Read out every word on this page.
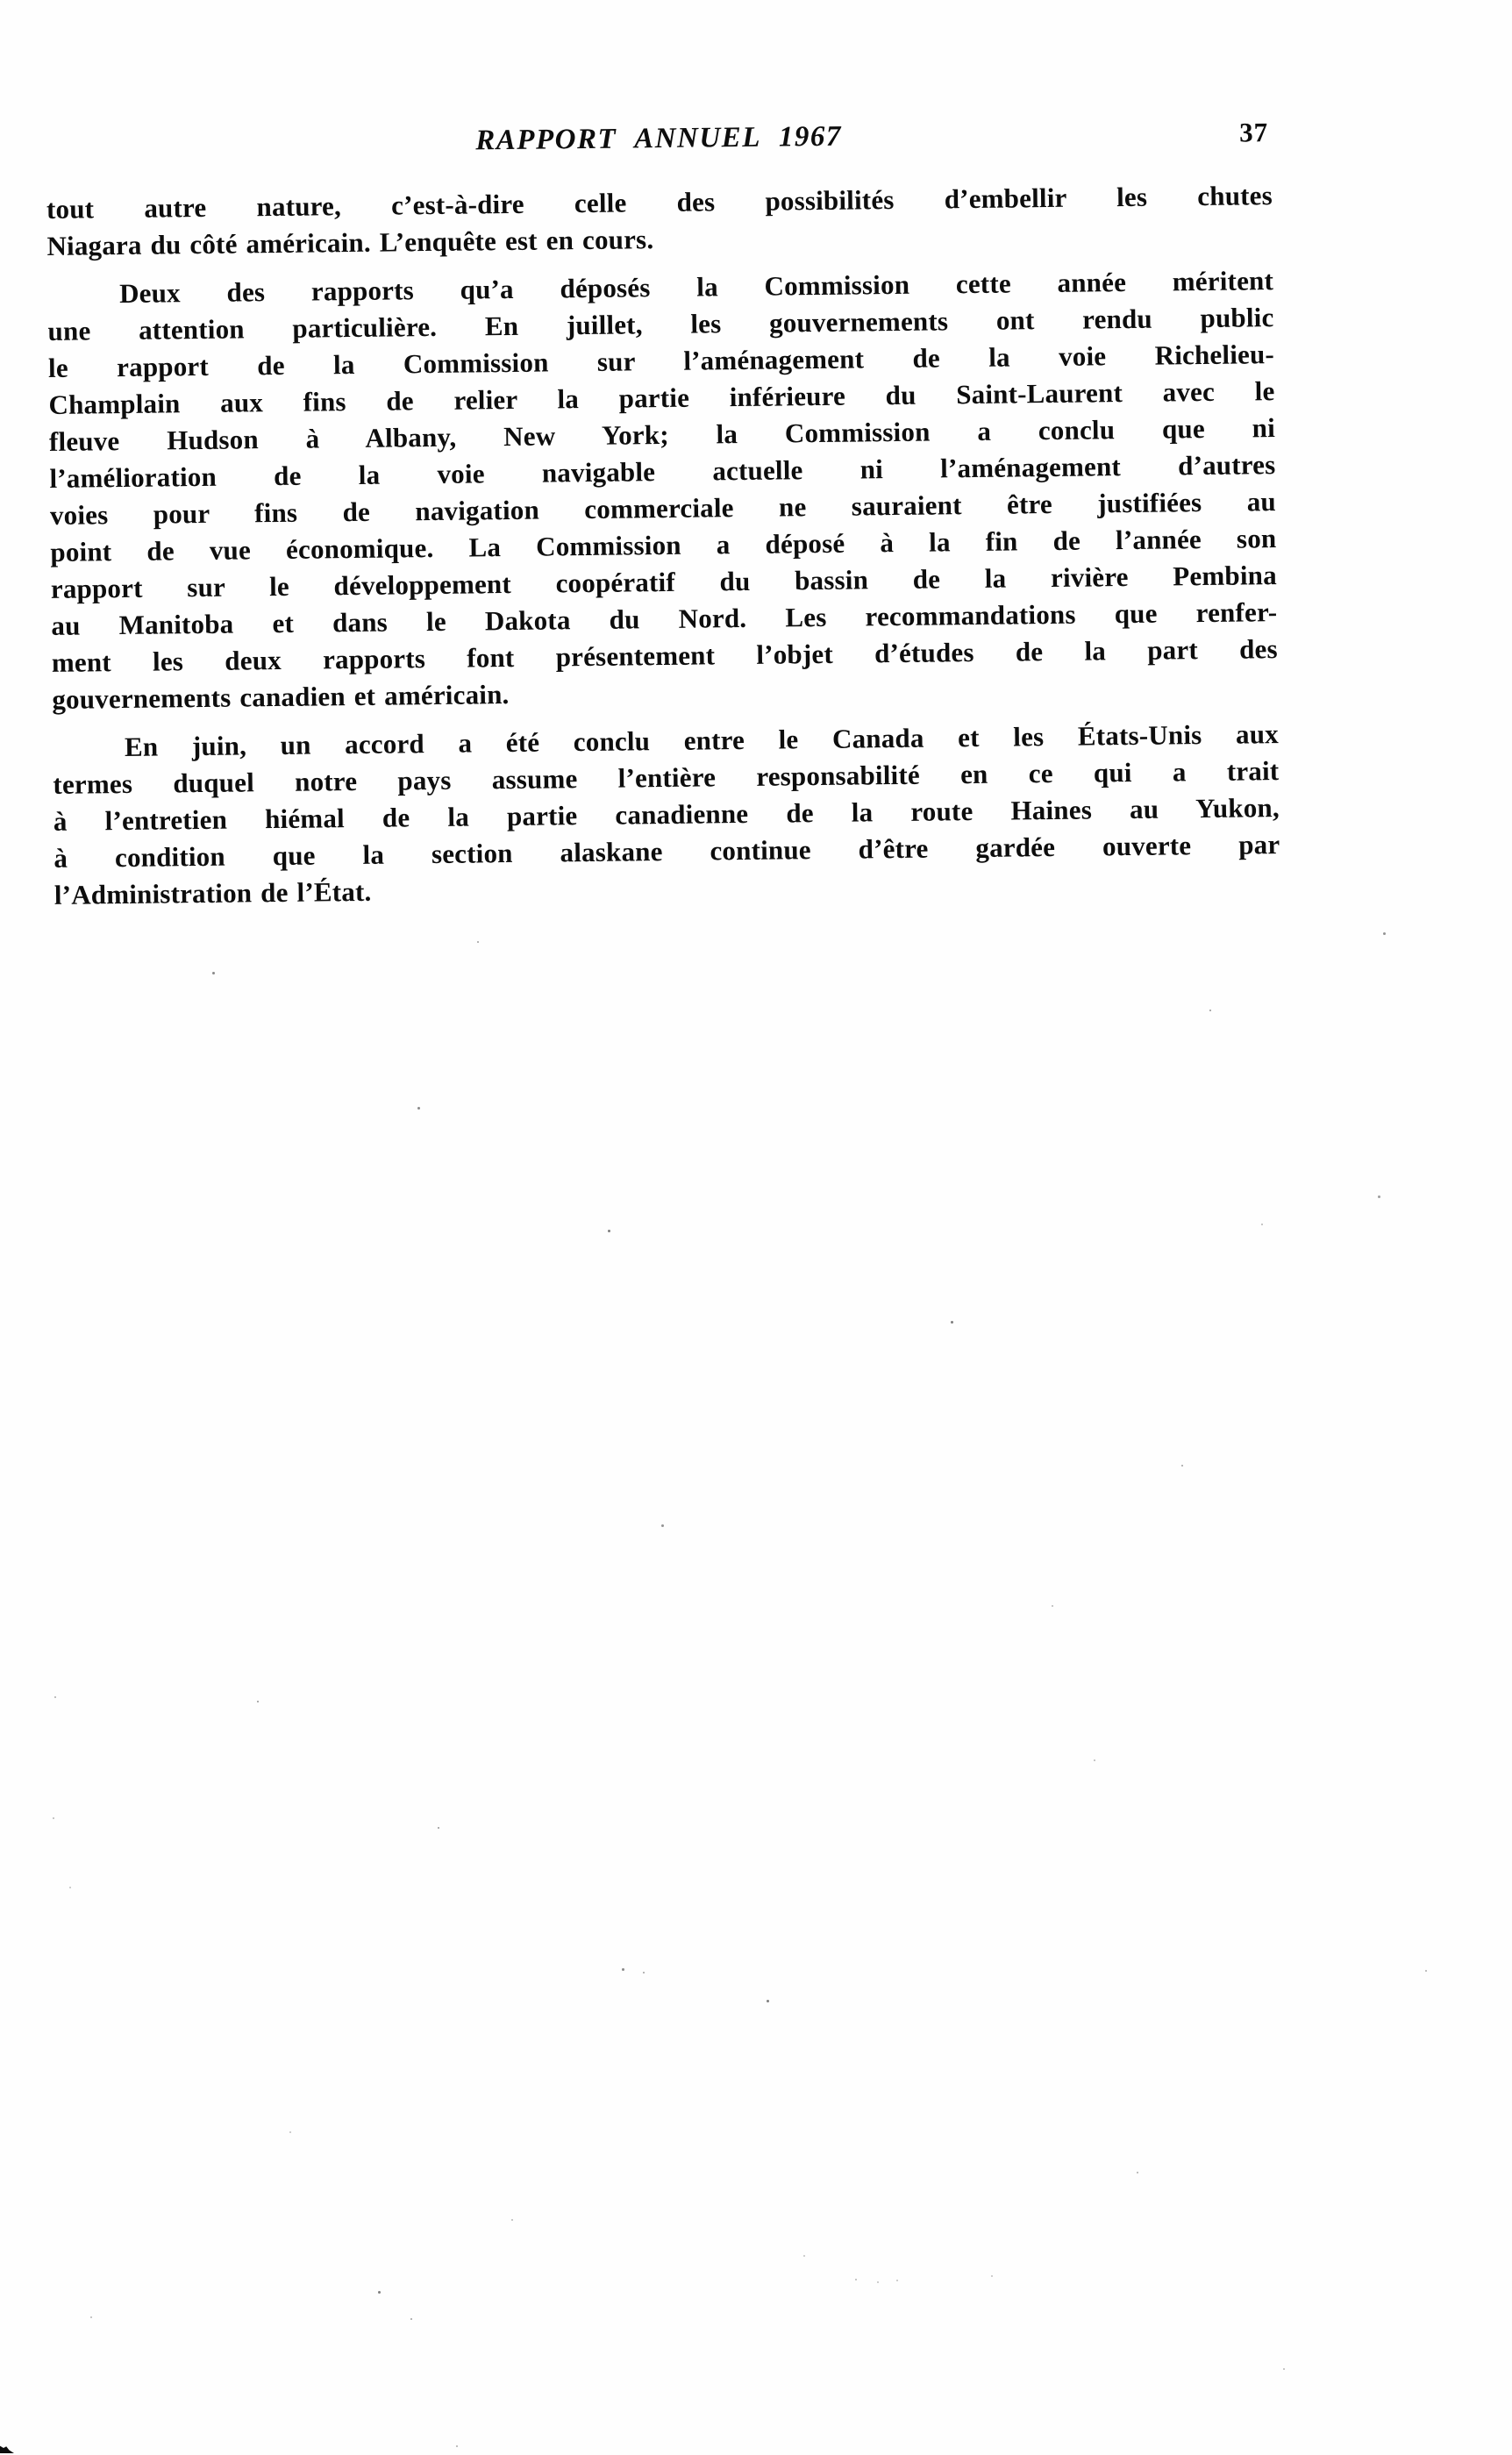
RAPPORT ANNUEL 1967	37
tout autre nature, c’est-à-dire celle des possibilités d’embellir les chutes
Niagara du côté américain. L’enquête est en cours.
Deux des rapports qu’a déposés la Commission cette année méritent
une attention particulière. En juillet, les gouvernements ont rendu public
le rapport de la Commission sur l’aménagement de la voie Richelieu-
Champlain aux fins de relier la partie inférieure du Saint-Laurent avec le
fleuve Hudson à Albany, New York; la Commission a conclu que ni
l’amélioration de la voie navigable actuelle ni l’aménagement d’autres
voies pour fins de navigation commerciale ne sauraient être justifiées au
point de vue économique. La Commission a déposé à la fin de l’année son
rapport sur le développement coopératif du bassin de la rivière Pembina
au Manitoba et dans le Dakota du Nord. Les recommandations que renfer-
ment les deux rapports font présentement l’objet d’études de la part des
gouvernements canadien et américain.
En juin, un accord a été conclu entre le Canada et les États-Unis aux
termes duquel notre pays assume l’entière responsabilité en ce qui a trait
à l’entretien hiémal de la partie canadienne de la route Haines au Yukon,
à condition que la section alaskane continue d’être gardée ouverte par
l’Administration de l’État.
